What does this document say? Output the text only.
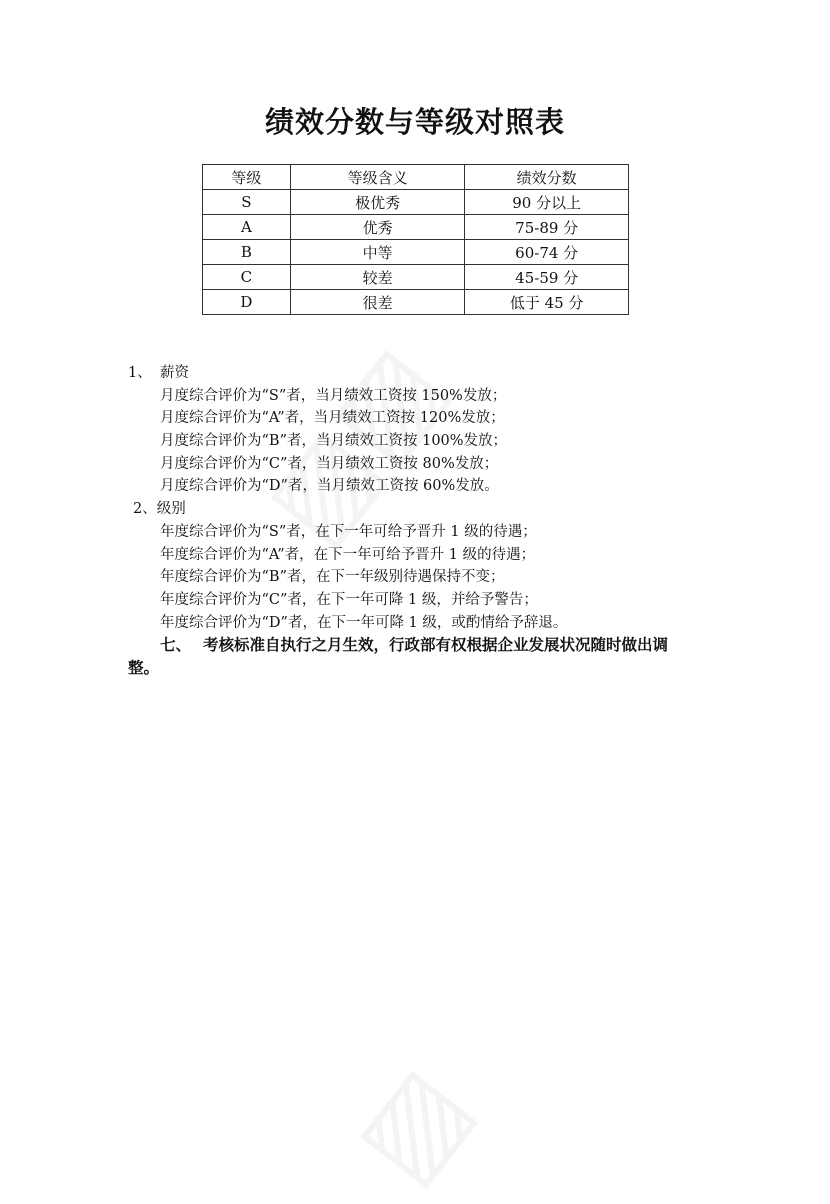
绩效分数与等级对照表
等级	等级含义	绩效分数
S	极优秀	90 分以上
A	优秀	75-89 分
B	中等	60-74 分
C	较差	45-59 分
D	很差	低于 45 分
1、 薪资
月度综合评价为“S”者，当月绩效工资按 150%发放；
月度综合评价为“A”者，当月绩效工资按 120%发放；
月度综合评价为“B”者，当月绩效工资按 100%发放；
月度综合评价为“C”者，当月绩效工资按 80%发放；
月度综合评价为“D”者，当月绩效工资按 60%发放。
2、级别
年度综合评价为“S”者，在下一年可给予晋升 1 级的待遇；
年度综合评价为“A”者，在下一年可给予晋升 1 级的待遇；
年度综合评价为“B”者，在下一年级别待遇保持不变；
年度综合评价为“C”者，在下一年可降 1 级，并给予警告；
年度综合评价为“D”者，在下一年可降 1 级，或酌情给予辞退。
七、 考核标准自执行之月生效，行政部有权根据企业发展状况随时做出调
整。
